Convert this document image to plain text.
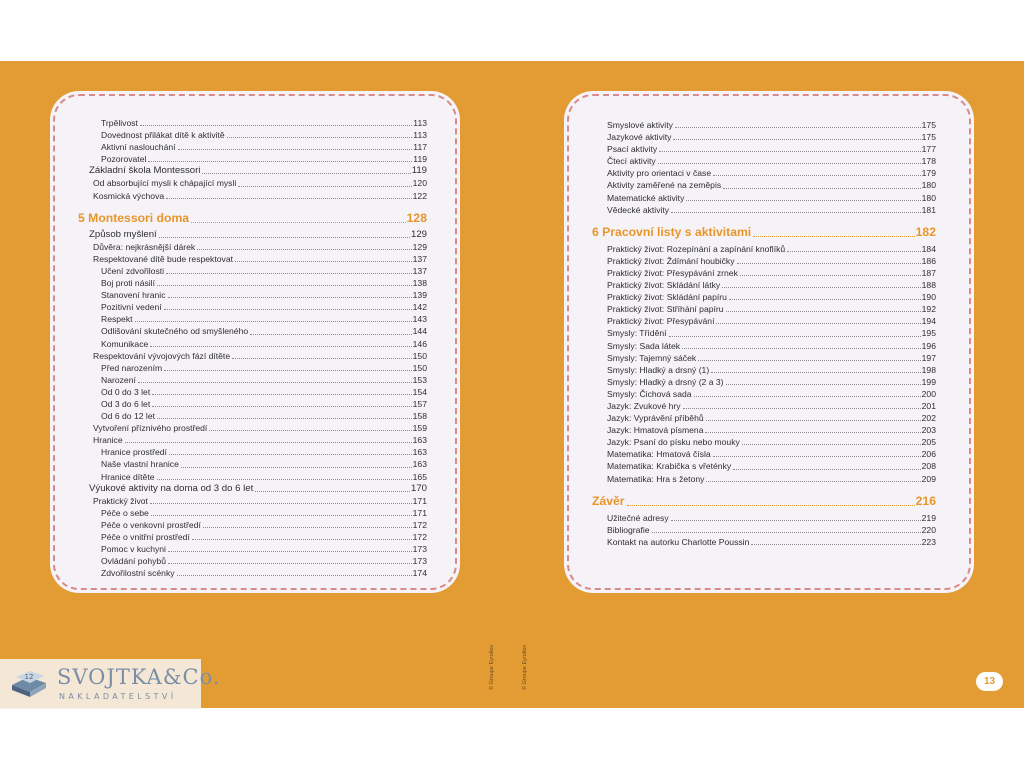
Trpělivost	113
Dovednost přilákat dítě k aktivitě	113
Aktivní naslouchání	117
Pozorovatel	119
Základní škola Montessori	119
Od absorbující mysli k chápající mysli	120
Kosmická výchova	122
5 Montessori doma	128
Způsob myšlení	129
Důvěra: nejkrásnější dárek	129
Respektované dítě bude respektovat	137
Učení zdvořilosti	137
Boj proti násilí	138
Stanovení hranic	139
Pozitivní vedení	142
Respekt	143
Odlišování skutečného od smyšleného	144
Komunikace	146
Respektování vývojových fází dítěte	150
Před narozením	150
Narození	153
Od 0 do 3 let	154
Od 3 do 6 let	157
Od 6 do 12 let	158
Vytvoření příznivého prostředí	159
Hranice	163
Hranice prostředí	163
Naše vlastní hranice	163
Hranice dítěte	165
Výukové aktivity na doma od 3 do 6 let	170
Praktický život	171
Péče o sebe	171
Péče o venkovní prostředí	172
Péče o vnitřní prostředí	172
Pomoc v kuchyni	173
Ovládání pohybů	173
Zdvořilostní scénky	174
Smyslové aktivity	175
Jazykové aktivity	175
Psací aktivity	177
Čtecí aktivity	178
Aktivity pro orientaci v čase	179
Aktivity zaměřené na zeměpis	180
Matematické aktivity	180
Vědecké aktivity	181
6 Pracovní listy s aktivitami	182
Praktický život: Rozepínání a zapínání knoflíků	184
Praktický život: Ždímání houbičky	186
Praktický život: Přesypávání zrnek	187
Praktický život: Skládání látky	188
Praktický život: Skládání papíru	190
Praktický život: Stříhání papíru	192
Praktický život: Přesypávání	194
Smysly: Třídění	195
Smysly: Sada látek	196
Smysly: Tajemný sáček	197
Smysly: Hladký a drsný (1)	198
Smysly: Hladký a drsný (2 a 3)	199
Smysly: Čichová sada	200
Jazyk: Zvukové hry	201
Jazyk: Vyprávění příběhů	202
Jazyk: Hmatová písmena	203
Jazyk: Psaní do písku nebo mouky	205
Matematika: Hmatová čísla	206
Matematika: Krabička s vřeténky	208
Matematika: Hra s žetony	209
Závěr	216
Užitečné adresy	219
Bibliografie	220
Kontakt na autorku Charlotte Poussin	223
© Groupe Eyrolles	© Groupe Eyrolles	13
12 SVOJTKA&Co.
NAKLADATELSTVÍ
